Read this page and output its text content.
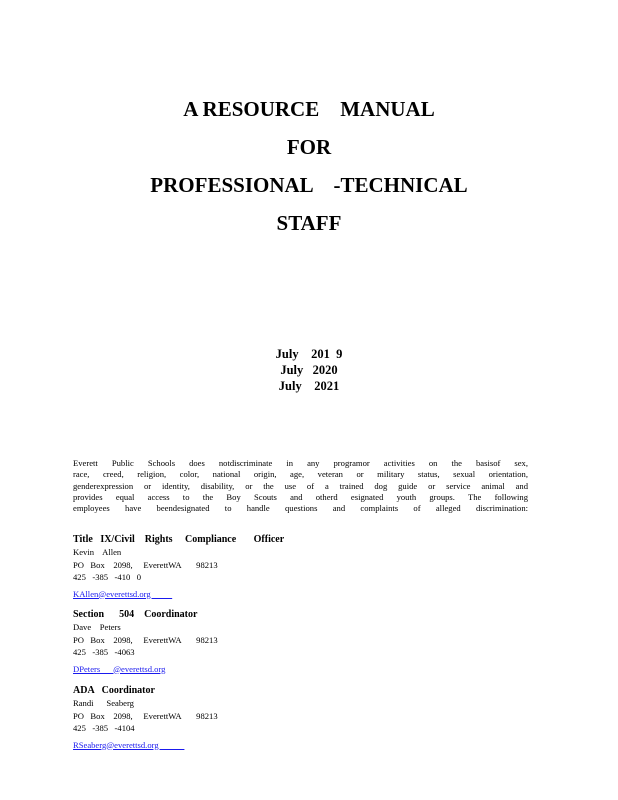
A RESOURCE    MANUAL

FOR

PROFESSIONAL    -TECHNICAL

STAFF

July    201  9

July   2020

July    2021

Everett Public Schools does notdiscriminate in any programor activities on the basisof sex,
race, creed, religion, color, national origin, age, veteran or military status, sexual orientation,
genderexpression or identity, disability, or the use of a trained dog guide or service animal and
provides equal access to the Boy Scouts and otherd esignated youth groups. The following
employees have beendesignated to handle questions and complaints of alleged discrimination:

Title   IX/Civil    Rights     Compliance       Officer

Kevin    Allen

PO   Box    2098,     EverettWA       98213

425   -385   -410   0

KAllen@everettsd.org

Section      504    Coordinator

Dave    Peters

PO   Box    2098,     EverettWA       98213

425   -385   -4063

DPeters      @everettsd.org

ADA   Coordinator

Randi      Seaberg

PO   Box    2098,     EverettWA       98213

425   -385   -4104

RSeaberg@everettsd.org
